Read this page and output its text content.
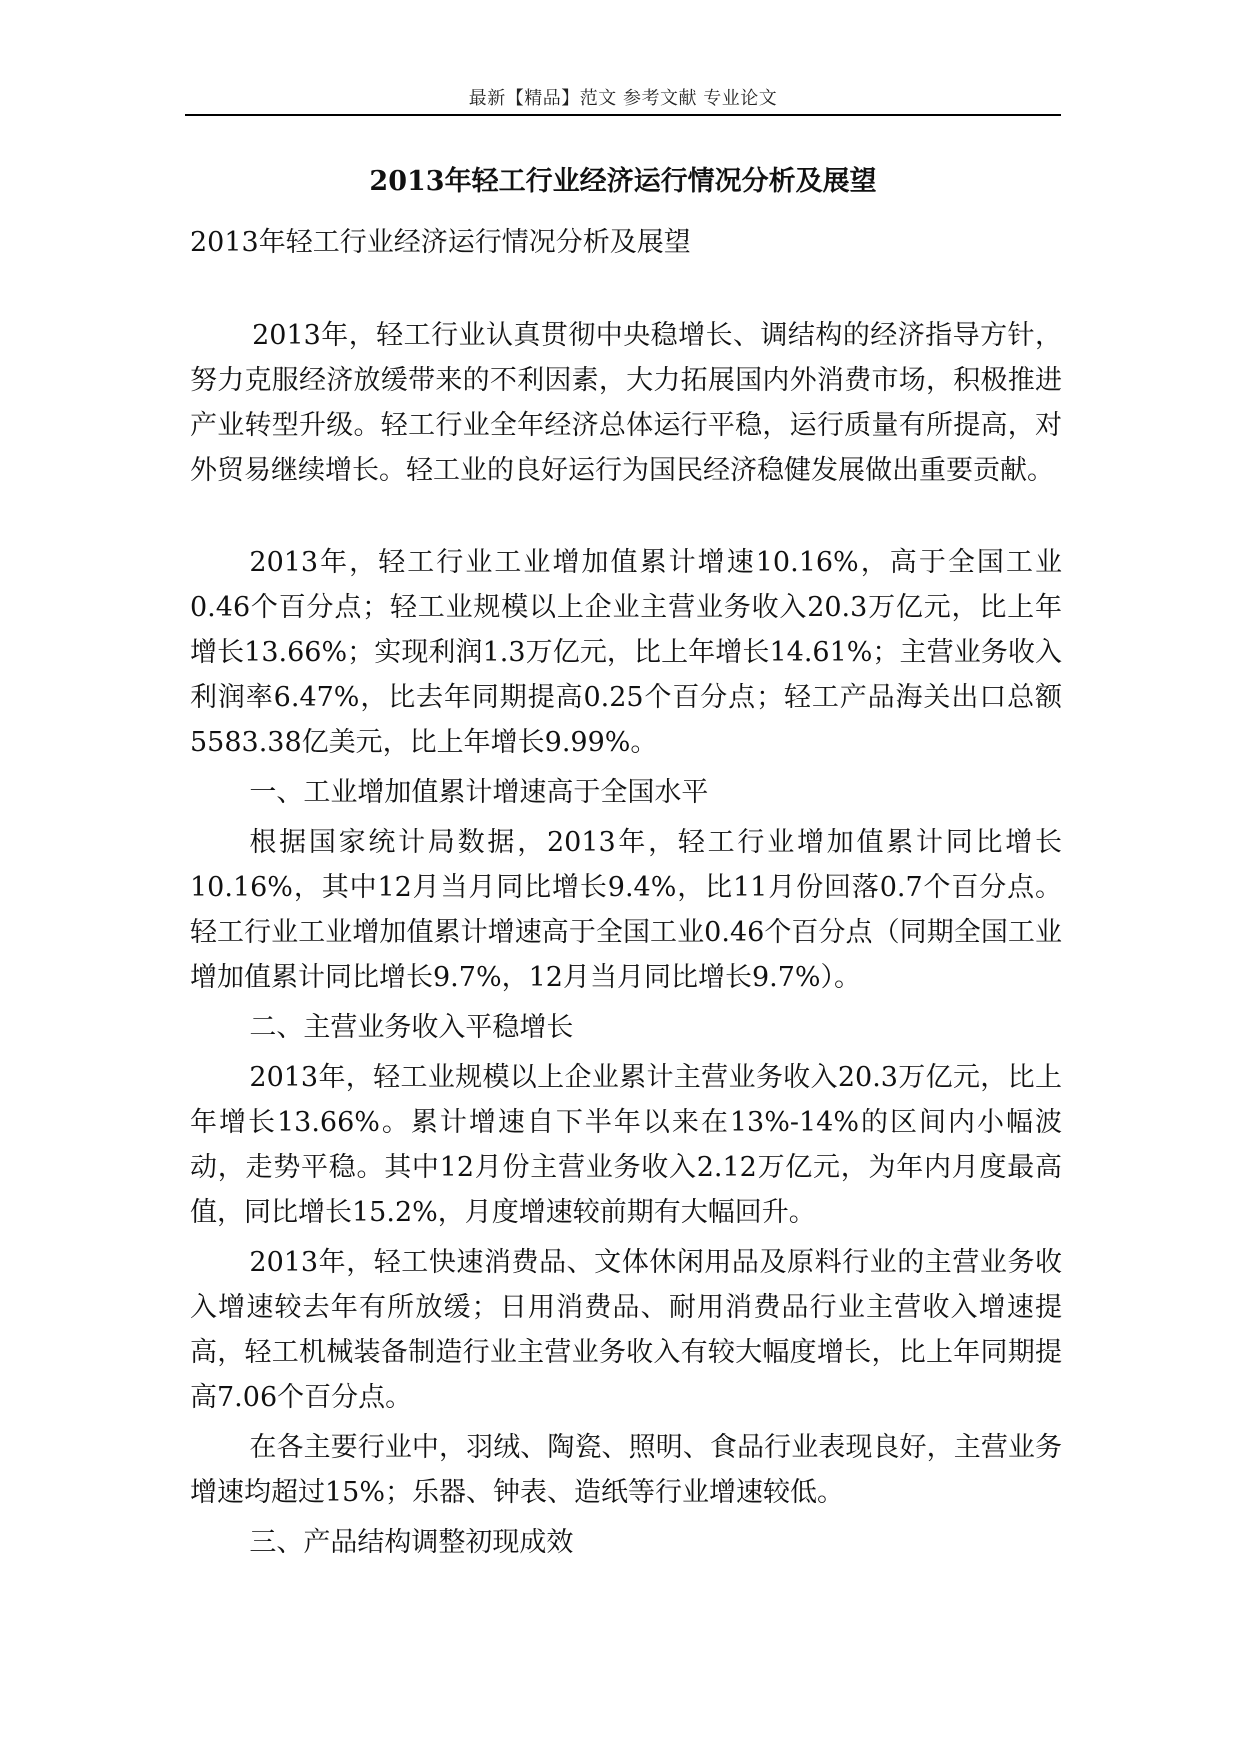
最新【精品】范文 参考文献 专业论文
2013年轻工行业经济运行情况分析及展望

2013年轻工行业经济运行情况分析及展望

2013年，轻工行业认真贯彻中央稳增长、调结构的经济指导方针，努力克服经济放缓带来的不利因素，大力拓展国内外消费市场，积极推进产业转型升级。轻工行业全年经济总体运行平稳，运行质量有所提高，对外贸易继续增长。轻工业的良好运行为国民经济稳健发展做出重要贡献。

2013年，轻工行业工业增加值累计增速10.16%，高于全国工业0.46个百分点；轻工业规模以上企业主营业务收入20.3万亿元，比上年增长13.66%；实现利润1.3万亿元，比上年增长14.61%；主营业务收入利润率6.47%，比去年同期提高0.25个百分点；轻工产品海关出口总额5583.38亿美元，比上年增长9.99%。

一、工业增加值累计增速高于全国水平

根据国家统计局数据，2013年，轻工行业增加值累计同比增长10.16%，其中12月当月同比增长9.4%，比11月份回落0.7个百分点。轻工行业工业增加值累计增速高于全国工业0.46个百分点（同期全国工业增加值累计同比增长9.7%，12月当月同比增长9.7%）。

二、主营业务收入平稳增长

2013年，轻工业规模以上企业累计主营业务收入20.3万亿元，比上年增长13.66%。累计增速自下半年以来在13%-14%的区间内小幅波动，走势平稳。其中12月份主营业务收入2.12万亿元，为年内月度最高值，同比增长15.2%，月度增速较前期有大幅回升。

2013年，轻工快速消费品、文体休闲用品及原料行业的主营业务收入增速较去年有所放缓；日用消费品、耐用消费品行业主营收入增速提高，轻工机械装备制造行业主营业务收入有较大幅度增长，比上年同期提高7.06个百分点。

在各主要行业中，羽绒、陶瓷、照明、食品行业表现良好，主营业务增速均超过15%；乐器、钟表、造纸等行业增速较低。

三、产品结构调整初现成效
